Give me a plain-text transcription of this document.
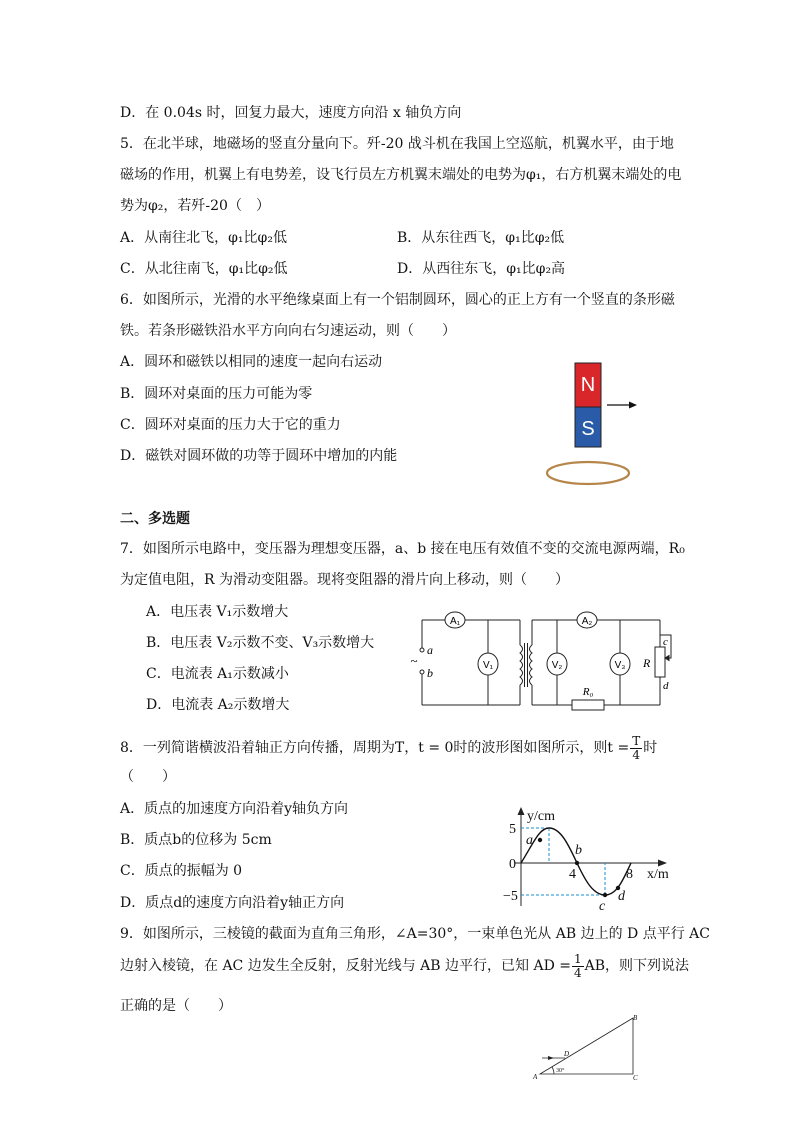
D．在 0.04s 时，回复力最大，速度方向沿 x 轴负方向
5．在北半球，地磁场的竖直分量向下。歼-20 战斗机在我国上空巡航，机翼水平，由于地
磁场的作用，机翼上有电势差，设飞行员左方机翼末端处的电势为φ₁，右方机翼末端处的电
势为φ₂，若歼-20（　）
A．从南往北飞，φ₁比φ₂低	B．从东往西飞，φ₁比φ₂低
C．从北往南飞，φ₁比φ₂低	D．从西往东飞，φ₁比φ₂高
6．如图所示，光滑的水平绝缘桌面上有一个铝制圆环，圆心的正上方有一个竖直的条形磁
铁。若条形磁铁沿水平方向向右匀速运动，则（　　）
A．圆环和磁铁以相同的速度一起向右运动
B．圆环对桌面的压力可能为零
C．圆环对桌面的压力大于它的重力
D．磁铁对圆环做的功等于圆环中增加的内能
N
S
二、多选题
7．如图所示电路中，变压器为理想变压器，a、b 接在电压有效值不变的交流电源两端，R₀
为定值电阻，R 为滑动变阻器。现将变阻器的滑片向上移动，则（　　）
A．电压表 V₁示数增大
B．电压表 V₂示数不变、V₃示数增大
C．电流表 A₁示数减小
D．电流表 A₂示数增大
a
b
~
A₁	A₂
V₁	V₂	V₃
R₀
R
c
d
8．一列简谐横波沿着轴正方向传播，周期为T，t = 0时的波形图如图所示，则$t = \frac{T}{4}$ 时
（　　）
A．质点的加速度方向沿着y轴负方向
B．质点b的位移为 5cm
C．质点的振幅为 0
D．质点d的速度方向沿着y轴正方向
y/cm
x/m
5
−5
0
4	8
a
b
c
d
9．如图所示，三棱镜的截面为直角三角形，∠A=30°，一束单色光从 AB 边上的 D 点平行 AC
边射入棱镜，在 AC 边发生全反射，反射光线与 AB 边平行，已知 AD = $\frac{1}{4}$ AB，则下列说法
正确的是（　　）
A
B
C
D
30°
